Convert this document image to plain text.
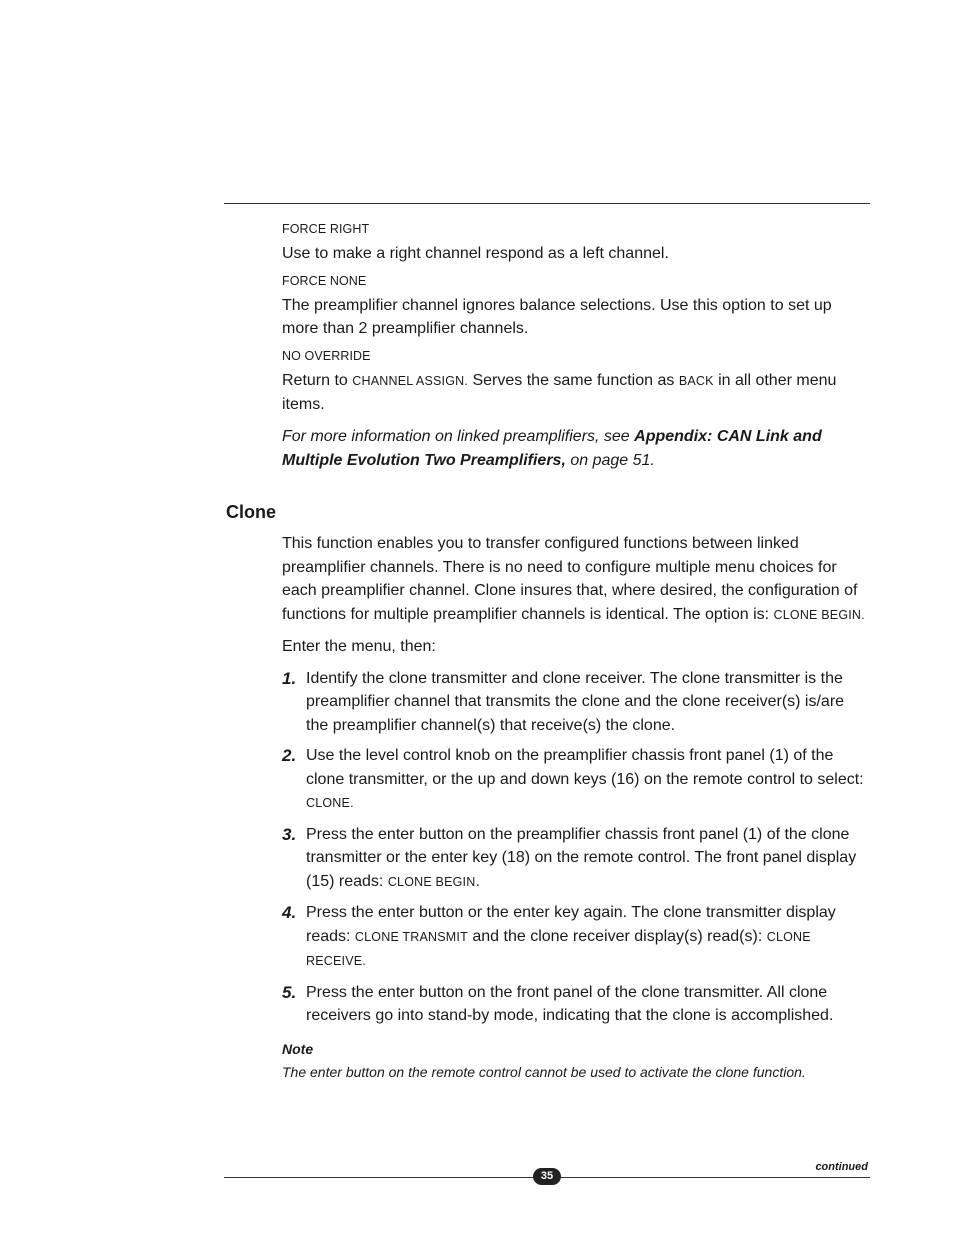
FORCE RIGHT

Use to make a right channel respond as a left channel.

FORCE NONE

The preamplifier channel ignores balance selections. Use this option to set up more than 2 preamplifier channels.

NO OVERRIDE

Return to CHANNEL ASSIGN. Serves the same function as BACK in all other menu items.

For more information on linked preamplifiers, see Appendix: CAN Link and Multiple Evolution Two Preamplifiers, on page 51.

Clone

This function enables you to transfer configured functions between linked preamplifier channels. There is no need to configure multiple menu choices for each preamplifier channel. Clone insures that, where desired, the configuration of functions for multiple preamplifier channels is identical. The option is: CLONE BEGIN.

Enter the menu, then:

1. Identify the clone transmitter and clone receiver. The clone transmitter is the preamplifier channel that transmits the clone and the clone receiver(s) is/are the preamplifier channel(s) that receive(s) the clone.
2. Use the level control knob on the preamplifier chassis front panel (1) of the clone transmitter, or the up and down keys (16) on the remote control to select: CLONE.
3. Press the enter button on the preamplifier chassis front panel (1) of the clone transmitter or the enter key (18) on the remote control. The front panel display (15) reads: CLONE BEGIN.
4. Press the enter button or the enter key again. The clone transmitter display reads: CLONE TRANSMIT and the clone receiver display(s) read(s): CLONE RECEIVE.
5. Press the enter button on the front panel of the clone transmitter. All clone receivers go into stand-by mode, indicating that the clone is accomplished.

Note

The enter button on the remote control cannot be used to activate the clone function.

continued
35
